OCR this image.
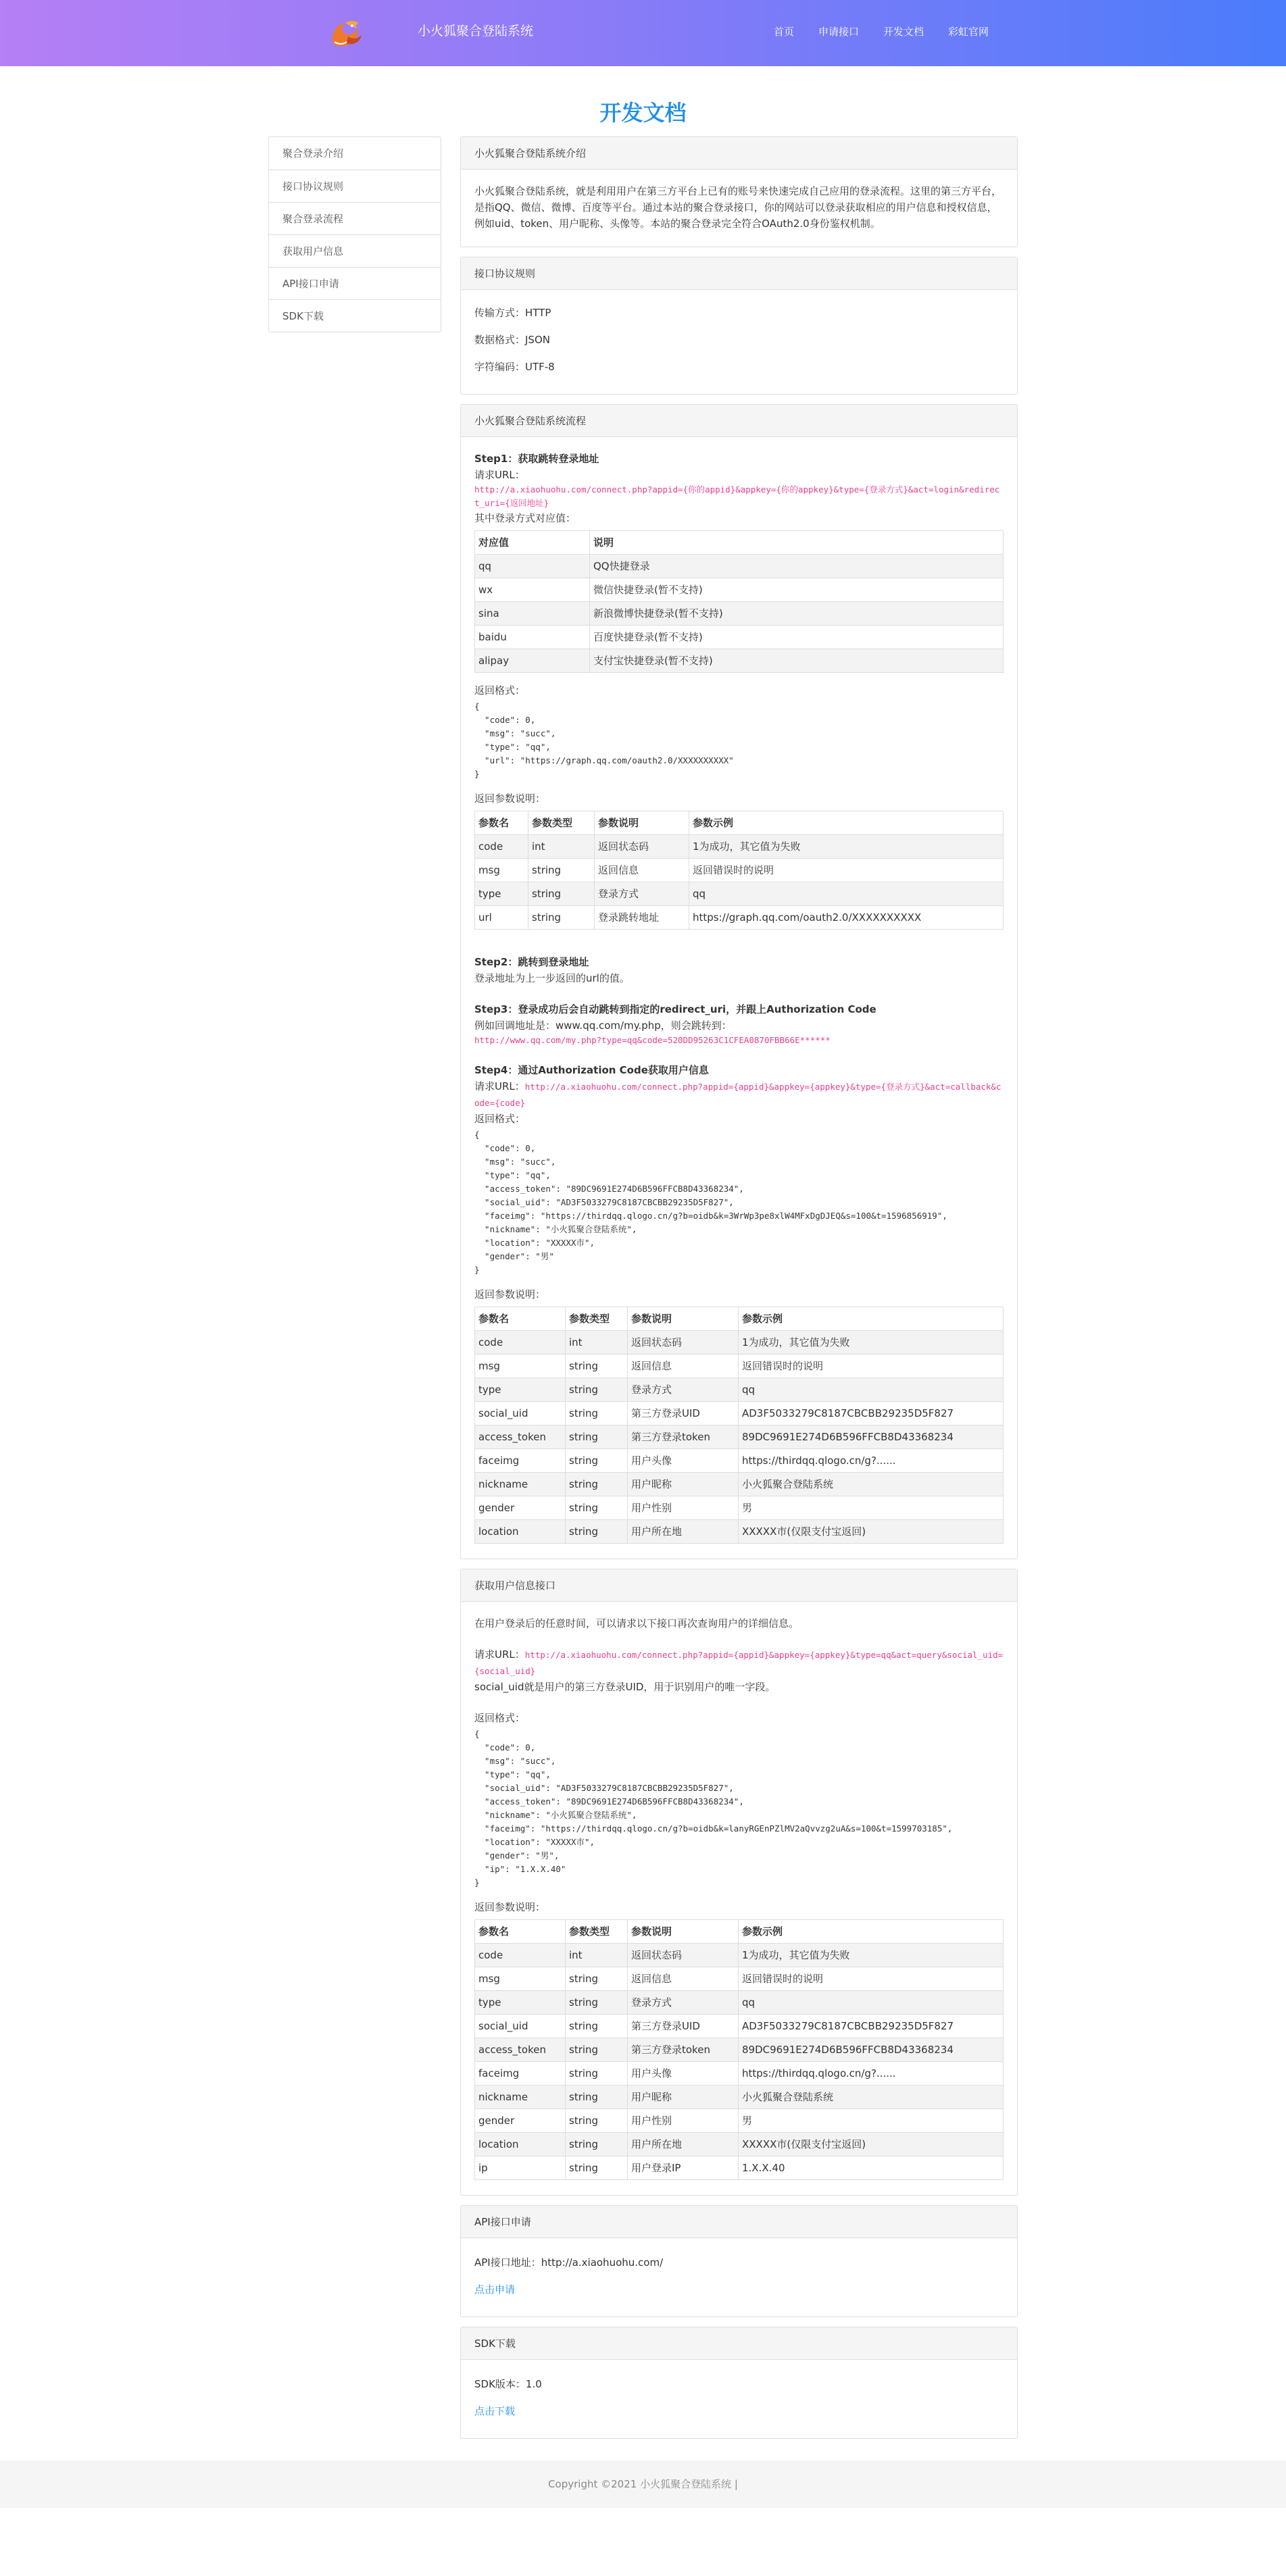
小火狐聚合登陆系统	首页 申请接口 开发文档 彩虹官网
开发文档
聚合登录介绍
接口协议规则
聚合登录流程
获取用户信息
API接口申请
SDK下载
小火狐聚合登陆系统介绍
小火狐聚合登陆系统，就是利用用户在第三方平台上已有的账号来快速完成自己应用的登录流程。这里的第三方平台，是指QQ、微信、微博、百度等平台。通过本站的聚合登录接口，你的网站可以登录获取相应的用户信息和授权信息，例如uid、token、用户昵称、头像等。本站的聚合登录完全符合OAuth2.0身份鉴权机制。
接口协议规则
传输方式：HTTP
数据格式：JSON
字符编码：UTF-8
小火狐聚合登陆系统流程
Step1：获取跳转登录地址
请求URL：
http://a.xiaohuohu.com/connect.php?appid={你的appid}&appkey={你的appkey}&type={登录方式}&act=login&redirect_uri={返回地址}
其中登录方式对应值：
对应值	说明
qq	QQ快捷登录
wx	微信快捷登录(暂不支持)
sina	新浪微博快捷登录(暂不支持)
baidu	百度快捷登录(暂不支持)
alipay	支付宝快捷登录(暂不支持)
返回格式：
{
"code": 0,
"msg": "succ",
"type": "qq",
"url": "https://graph.qq.com/oauth2.0/XXXXXXXXXX"
}
返回参数说明：
参数名	参数类型	参数说明	参数示例
code	int	返回状态码	1为成功，其它值为失败
msg	string	返回信息	返回错误时的说明
type	string	登录方式	qq
url	string	登录跳转地址	https://graph.qq.com/oauth2.0/XXXXXXXXXX
Step2：跳转到登录地址
登录地址为上一步返回的url的值。
Step3：登录成功后会自动跳转到指定的redirect_uri，并跟上Authorization Code
例如回调地址是：www.qq.com/my.php，则会跳转到：
http://www.qq.com/my.php?type=qq&code=520DD95263C1CFEA0870FBB66E******
Step4：通过Authorization Code获取用户信息
请求URL：http://a.xiaohuohu.com/connect.php?appid={appid}&appkey={appkey}&type={登录方式}&act=callback&code={code}
返回格式：
{
"code": 0,
"msg": "succ",
"type": "qq",
"access_token": "89DC9691E274D6B596FFCB8D43368234",
"social_uid": "AD3F5033279C8187CBCBB29235D5F827",
"faceimg": "https://thirdqq.qlogo.cn/g?b=oidb&k=3WrWp3pe8xlW4MFxDgDJEQ&s=100&t=1596856919",
"nickname": "小火狐聚合登陆系统",
"location": "XXXXX市",
"gender": "男"
}
返回参数说明：
参数名	参数类型	参数说明	参数示例
code	int	返回状态码	1为成功，其它值为失败
msg	string	返回信息	返回错误时的说明
type	string	登录方式	qq
social_uid	string	第三方登录UID	AD3F5033279C8187CBCBB29235D5F827
access_token	string	第三方登录token	89DC9691E274D6B596FFCB8D43368234
faceimg	string	用户头像	https://thirdqq.qlogo.cn/g?......
nickname	string	用户昵称	小火狐聚合登陆系统
gender	string	用户性别	男
location	string	用户所在地	XXXXX市(仅限支付宝返回)
获取用户信息接口
在用户登录后的任意时间，可以请求以下接口再次查询用户的详细信息。
请求URL：http://a.xiaohuohu.com/connect.php?appid={appid}&appkey={appkey}&type=qq&act=query&social_uid={social_uid}
social_uid就是用户的第三方登录UID，用于识别用户的唯一字段。
返回格式：
{
"code": 0,
"msg": "succ",
"type": "qq",
"social_uid": "AD3F5033279C8187CBCBB29235D5F827",
"access_token": "89DC9691E274D6B596FFCB8D43368234",
"nickname": "小火狐聚合登陆系统",
"faceimg": "https://thirdqq.qlogo.cn/g?b=oidb&k=lanyRGEnPZlMV2aQvvzg2uA&s=100&t=1599703185",
"location": "XXXXX市",
"gender": "男",
"ip": "1.X.X.40"
}
返回参数说明：
参数名	参数类型	参数说明	参数示例
code	int	返回状态码	1为成功，其它值为失败
msg	string	返回信息	返回错误时的说明
type	string	登录方式	qq
social_uid	string	第三方登录UID	AD3F5033279C8187CBCBB29235D5F827
access_token	string	第三方登录token	89DC9691E274D6B596FFCB8D43368234
faceimg	string	用户头像	https://thirdqq.qlogo.cn/g?......
nickname	string	用户昵称	小火狐聚合登陆系统
gender	string	用户性别	男
location	string	用户所在地	XXXXX市(仅限支付宝返回)
ip	string	用户登录IP	1.X.X.40
API接口申请
API接口地址：http://a.xiaohuohu.com/
点击申请
SDK下载
SDK版本：1.0
点击下载
Copyright ©2021 小火狐聚合登陆系统 |
